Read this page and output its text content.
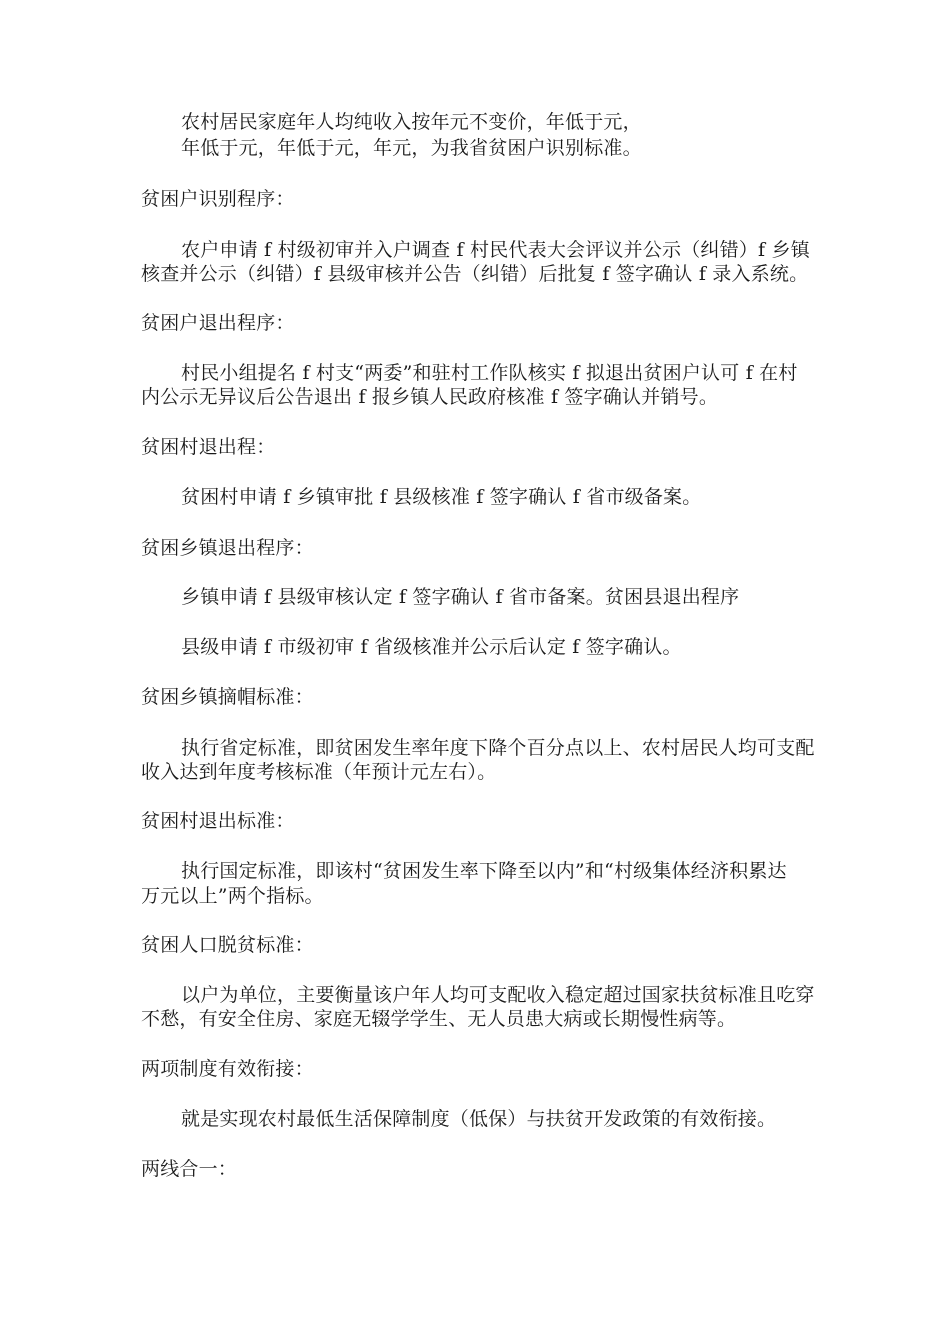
农村居民家庭年人均纯收入按年元不变价，年低于元，
年低于元，年低于元，年元，为我省贫困户识别标准。
贫困户识别程序：
农户申请 f 村级初审并入户调查 f 村民代表大会评议并公示（纠错）f 乡镇
核查并公示（纠错）f 县级审核并公告（纠错）后批复 f 签字确认 f 录入系统。
贫困户退出程序：
村民小组提名 f 村支“两委”和驻村工作队核实 f 拟退出贫困户认可 f 在村
内公示无异议后公告退出 f 报乡镇人民政府核准 f 签字确认并销号。
贫困村退出程：
贫困村申请 f 乡镇审批 f 县级核准 f 签字确认 f 省市级备案。
贫困乡镇退出程序：
乡镇申请 f 县级审核认定 f 签字确认 f 省市备案。贫困县退出程序
县级申请 f 市级初审 f 省级核准并公示后认定 f 签字确认。
贫困乡镇摘帽标准：
执行省定标准，即贫困发生率年度下降个百分点以上、农村居民人均可支配
收入达到年度考核标准（年预计元左右）。
贫困村退出标准：
执行国定标准，即该村“贫困发生率下降至以内”和“村级集体经济积累达
万元以上”两个指标。
贫困人口脱贫标准：
以户为单位，主要衡量该户年人均可支配收入稳定超过国家扶贫标准且吃穿
不愁，有安全住房、家庭无辍学学生、无人员患大病或长期慢性病等。
两项制度有效衔接：
就是实现农村最低生活保障制度（低保）与扶贫开发政策的有效衔接。
两线合一：
